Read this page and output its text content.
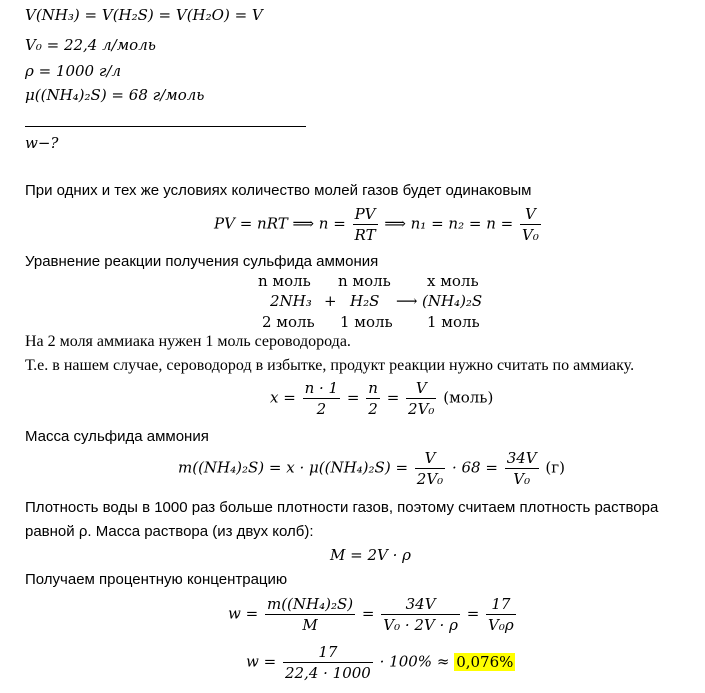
V(NH₃) = V(H₂S) = V(H₂O) = V
V₀ = 22,4 л/моль
ρ = 1000 г/л
μ((NH₄)₂S) = 68 г/моль
w−?
При одних и тех же условиях количество молей газов будет одинаковым
PV = nRT ⟹ $n = \frac{PV}{RT}$ ⟹ $n_1 = n_2 = n = \frac{V}{\text{V₀}}$
Уравнение реакции получения сульфида аммония
n моль n моль x моль
2NH₃ + H₂S ⟶ (NH₄)₂S
2 моль 1 моль 1 моль
На 2 моля аммиака нужен 1 моль сероводорода.
Т.е. в нашем случае, сероводород в избытке, продукт реакции нужно считать по аммиаку.
$x = \frac{n \cdot 1}{2} = \frac{n}{2} = \frac{V}{\text{2V₀}}$ (моль)
Масса сульфида аммония
$m((NH_4)_2S) = x \cdot \mu((NH_4)_2S) = \frac{V}{\text{2V₀}} \cdot 68 = \frac{34V}{\text{V₀}} (г)$
Плотность воды в 1000 раз больше плотности газов, поэтому считаем плотность раствора
равной ρ. Масса раствора (из двух колб):
M = 2V · ρ
Получаем процентную концентрацию
$w = \frac{\text{m((NH₄)₂S)}}{M} = \frac{34V}{\text{V₀ · 2V · ρ}} = \frac{17}{\text{V₀ρ}}$
$w = \frac{17}{22,4 \cdot 1000} \cdot 100\% \approx 0,076\%$
